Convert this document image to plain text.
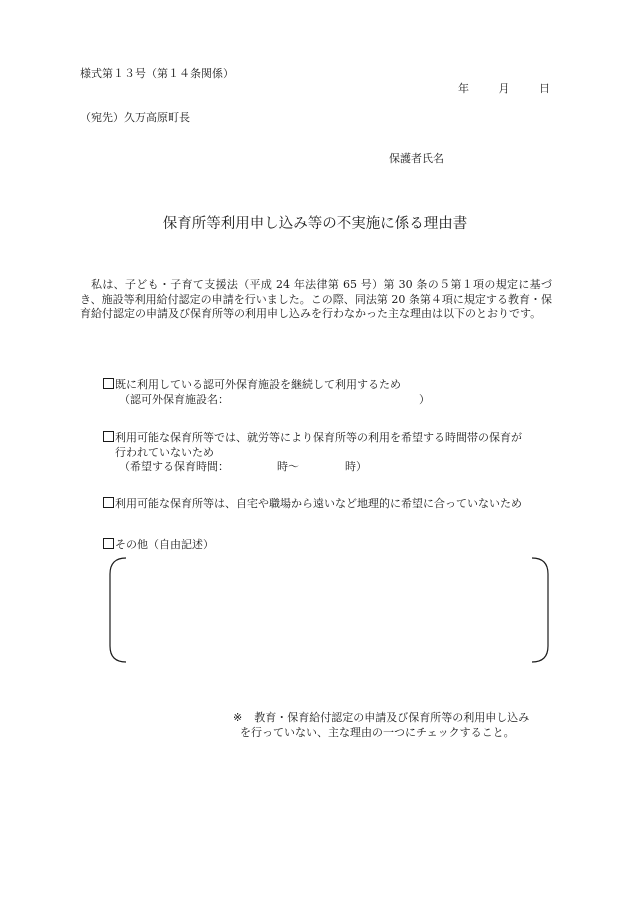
様式第１３号（第１４条関係）
年	月	日
（宛先）久万高原町長
保護者氏名
保育所等利用申し込み等の不実施に係る理由書
私は、子ども・子育て支援法（平成 24 年法律第 65 号）第 30 条の５第１項の規定に基づき、施設等利用給付認定の申請を行いました。この際、同法第 20 条第４項に規定する教育・保育給付認定の申請及び保育所等の利用申し込みを行わなかった主な理由は以下のとおりです。
既に利用している認可外保育施設を継続して利用するため
（認可外保育施設名：	）
利用可能な保育所等では、就労等により保育所等の利用を希望する時間帯の保育が
行われていないため
（希望する保育時間：	時〜	時）
利用可能な保育所等は、自宅や職場から遠いなど地理的に希望に合っていないため
その他（自由記述）
※ 教育・保育給付認定の申請及び保育所等の利用申し込み
を行っていない、主な理由の一つにチェックすること。
